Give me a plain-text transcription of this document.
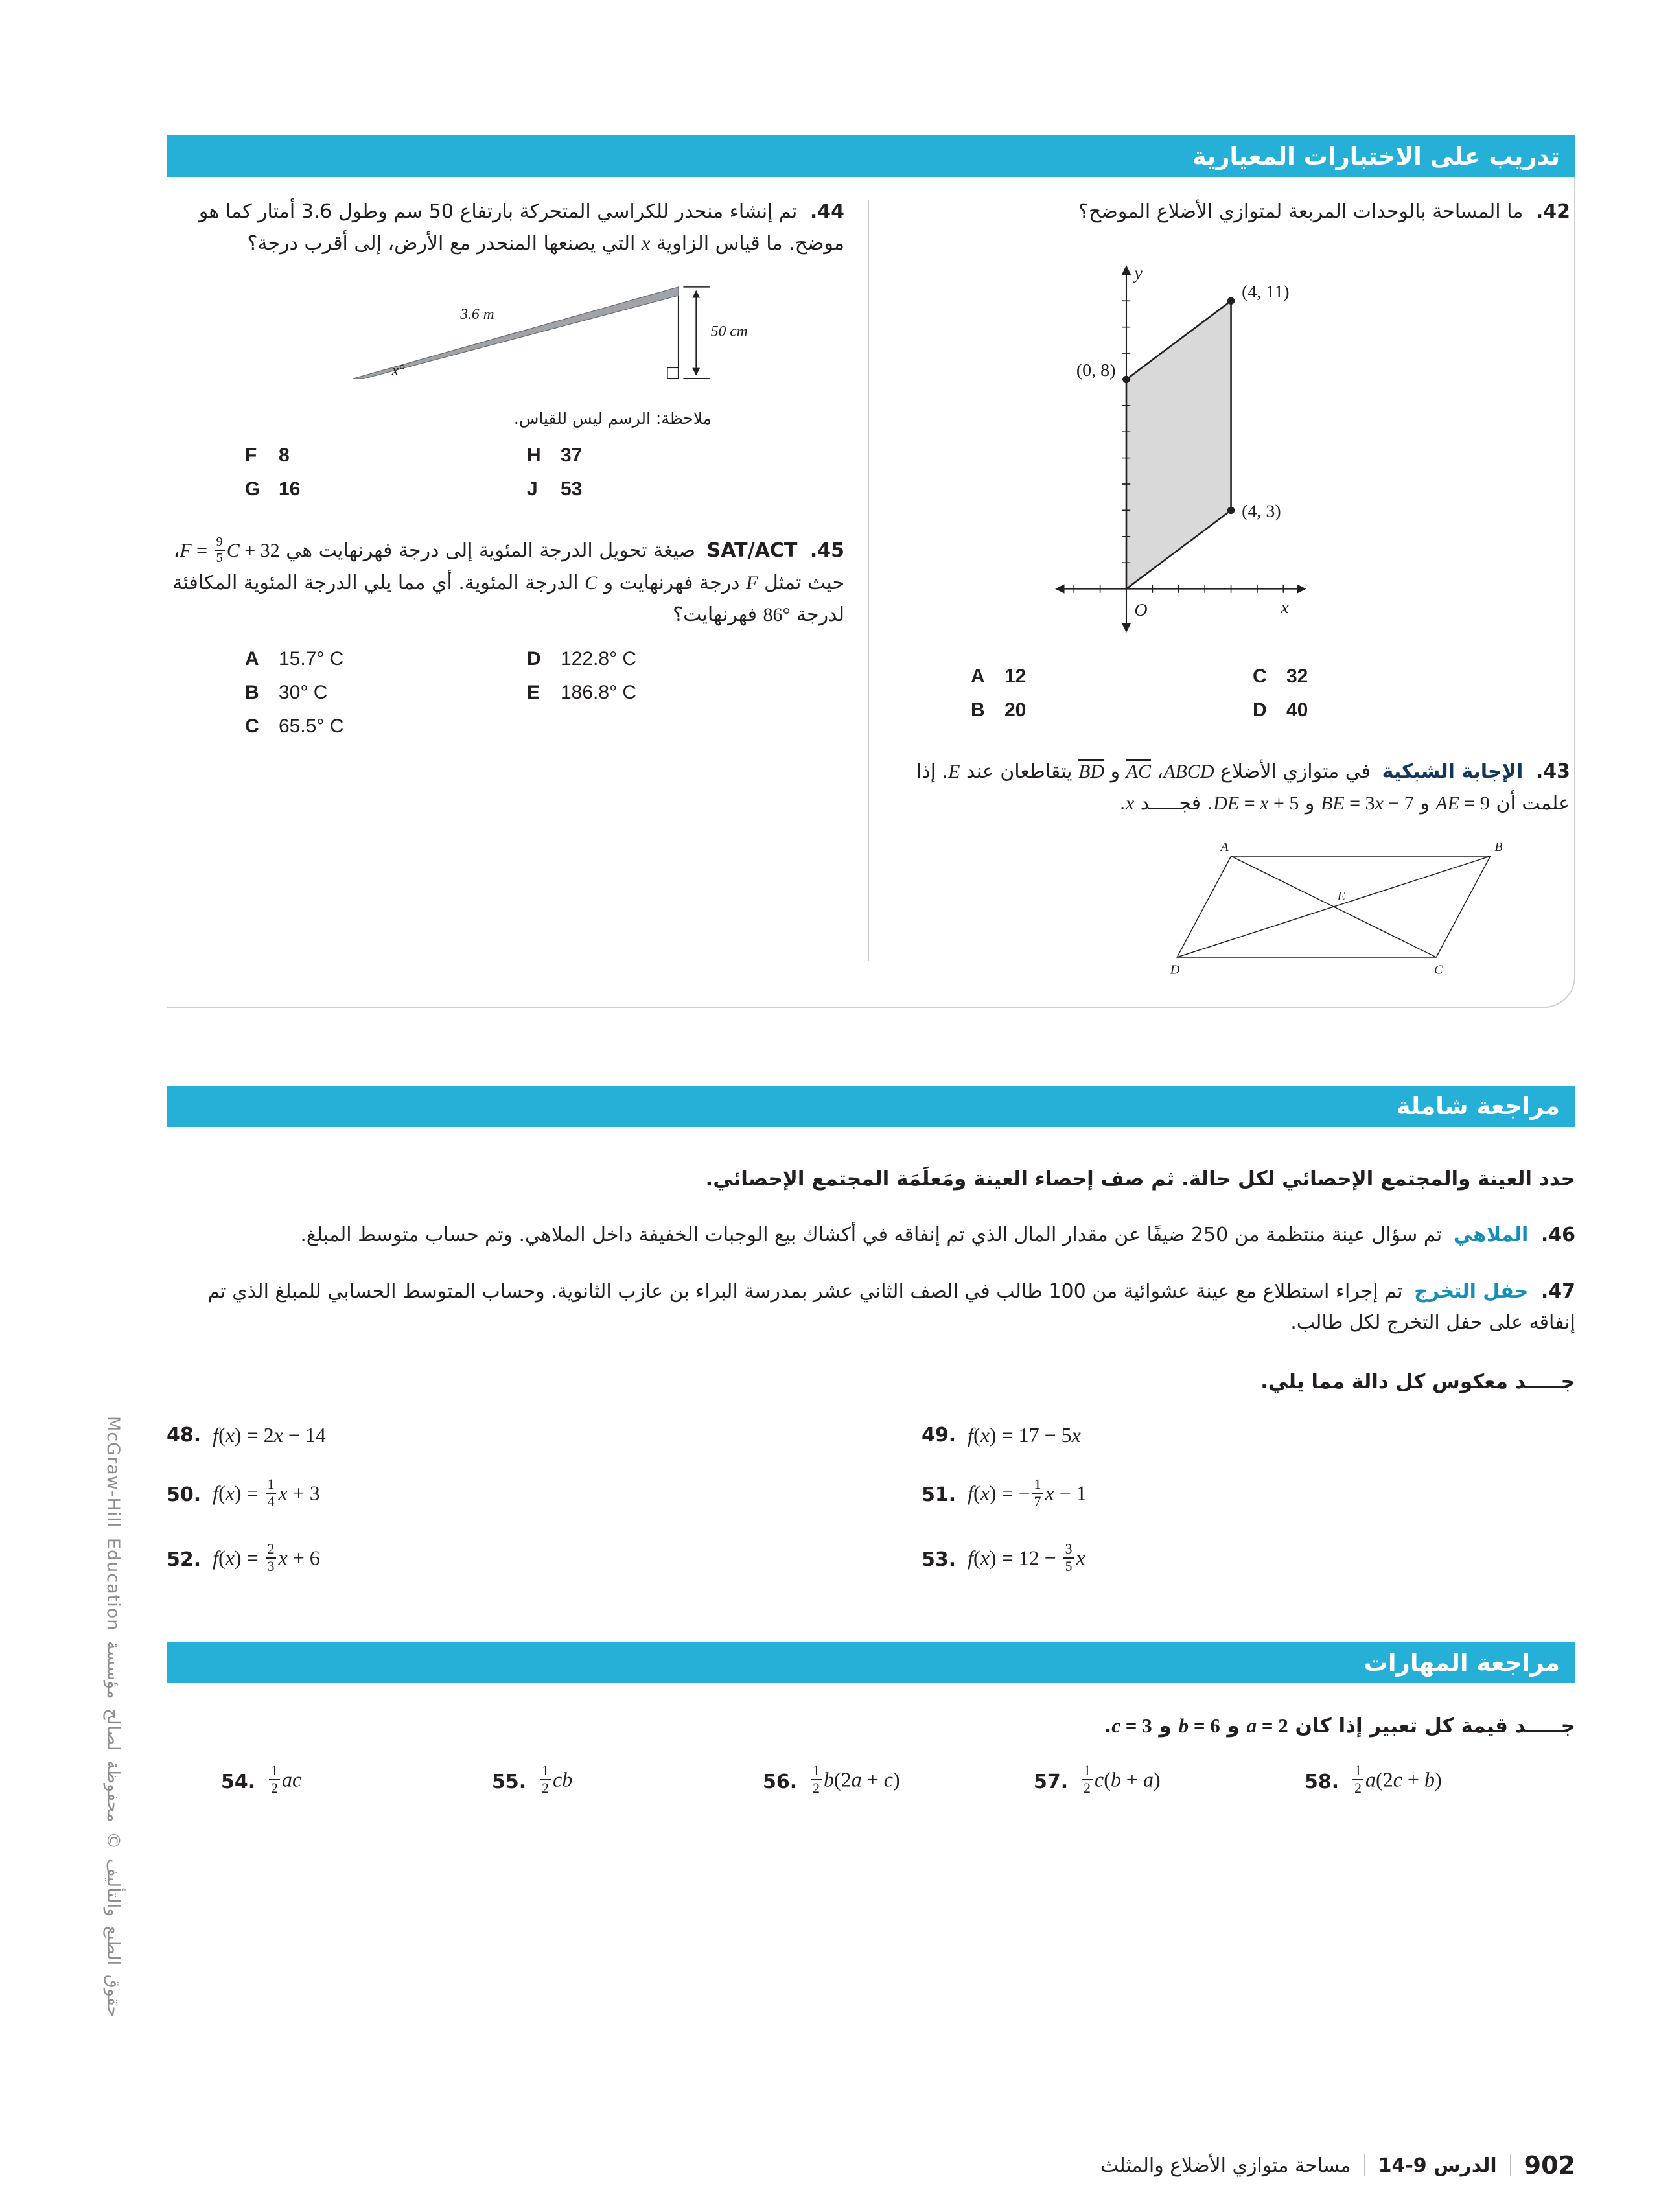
تدريب على الاختبارات المعيارية

42. ما المساحة بالوحدات المربعة لمتوازي الأضلاع الموضح؟

(4, 11)
(0, 8)
(4, 3)
O
y
x
A	12	C	32
B	20	D	40

43. الإجابة الشبكية في متوازي الأضلاع ABCD، $\overline{AC}$ و $\overline{BD}$ يتقاطعان عند E. إذا علمت أن AE = 9 و BE = 3x − 7 و DE = x + 5. فجـــــد x.

A	B
C
D
E

44. تم إنشاء منحدر للكراسي المتحركة بارتفاع 50 سم وطول 3.6 أمتار كما هو موضح. ما قياس الزاوية x التي يصنعها المنحدر مع الأرض، إلى أقرب درجة؟

50 cm
3.6 m
x°
ملاحظة: الرسم ليس للقياس.
F	8	H	37
G 16	J	53

45. SAT/ACT صيغة تحويل الدرجة المئوية إلى درجة فهرنهايت هي $F = \frac{9}{5}$ C + 32، حيث تمثل F درجة فهرنهايت و C الدرجة المئوية. أي مما يلي الدرجة المئوية المكافئة لدرجة 86° فهرنهايت؟

A	15.7° C	D	122.8° C
B	30° C	E	186.8° C
C	65.5° C
مراجعة شاملة

حدد العينة والمجتمع الإحصائي لكل حالة. ثم صف إحصاء العينة ومَعلَمَة المجتمع الإحصائي.

46. الملاهي تم سؤال عينة منتظمة من 250 ضيفًا عن مقدار المال الذي تم إنفاقه في أكشاك بيع الوجبات الخفيفة داخل الملاهي. وتم حساب متوسط المبلغ.

47. حفل التخرج تم إجراء استطلاع مع عينة عشوائية من 100 طالب في الصف الثاني عشر بمدرسة البراء بن عازب الثانوية. وحساب المتوسط الحسابي للمبلغ الذي تم إنفاقه على حفل التخرج لكل طالب.

جـــــد معكوس كل دالة مما يلي.

48. f(x) = 2x − 14	49. f(x) = 17 − 5x
50. $f(x) = \frac{1}{4}$ x + 3	51. f(x) = − $\frac{1}{7}$ x − 1
52. $f(x) = \frac{2}{3}$ x + 6	53. $f(x) = 12 - \frac{3}{5}$ x
مراجعة المهارات

جـــــد قيمة كل تعبير إذا كان a = 2 و b = 6 و c = 3.

54. $\frac{1}{2}$ ac	55. $\frac{1}{2}$ cb	56. $\frac{1}{2} b(2a + c)$	57. $\frac{1}{2} c(b + a)$	58. $\frac{1}{2} a(2c + b)$
902
الدرس 9-14
مساحة متوازي الأضلاع والمثلث
McGraw-Hill Education حقوق الطبع والتأليف © محفوظة لصالح مؤسسة
